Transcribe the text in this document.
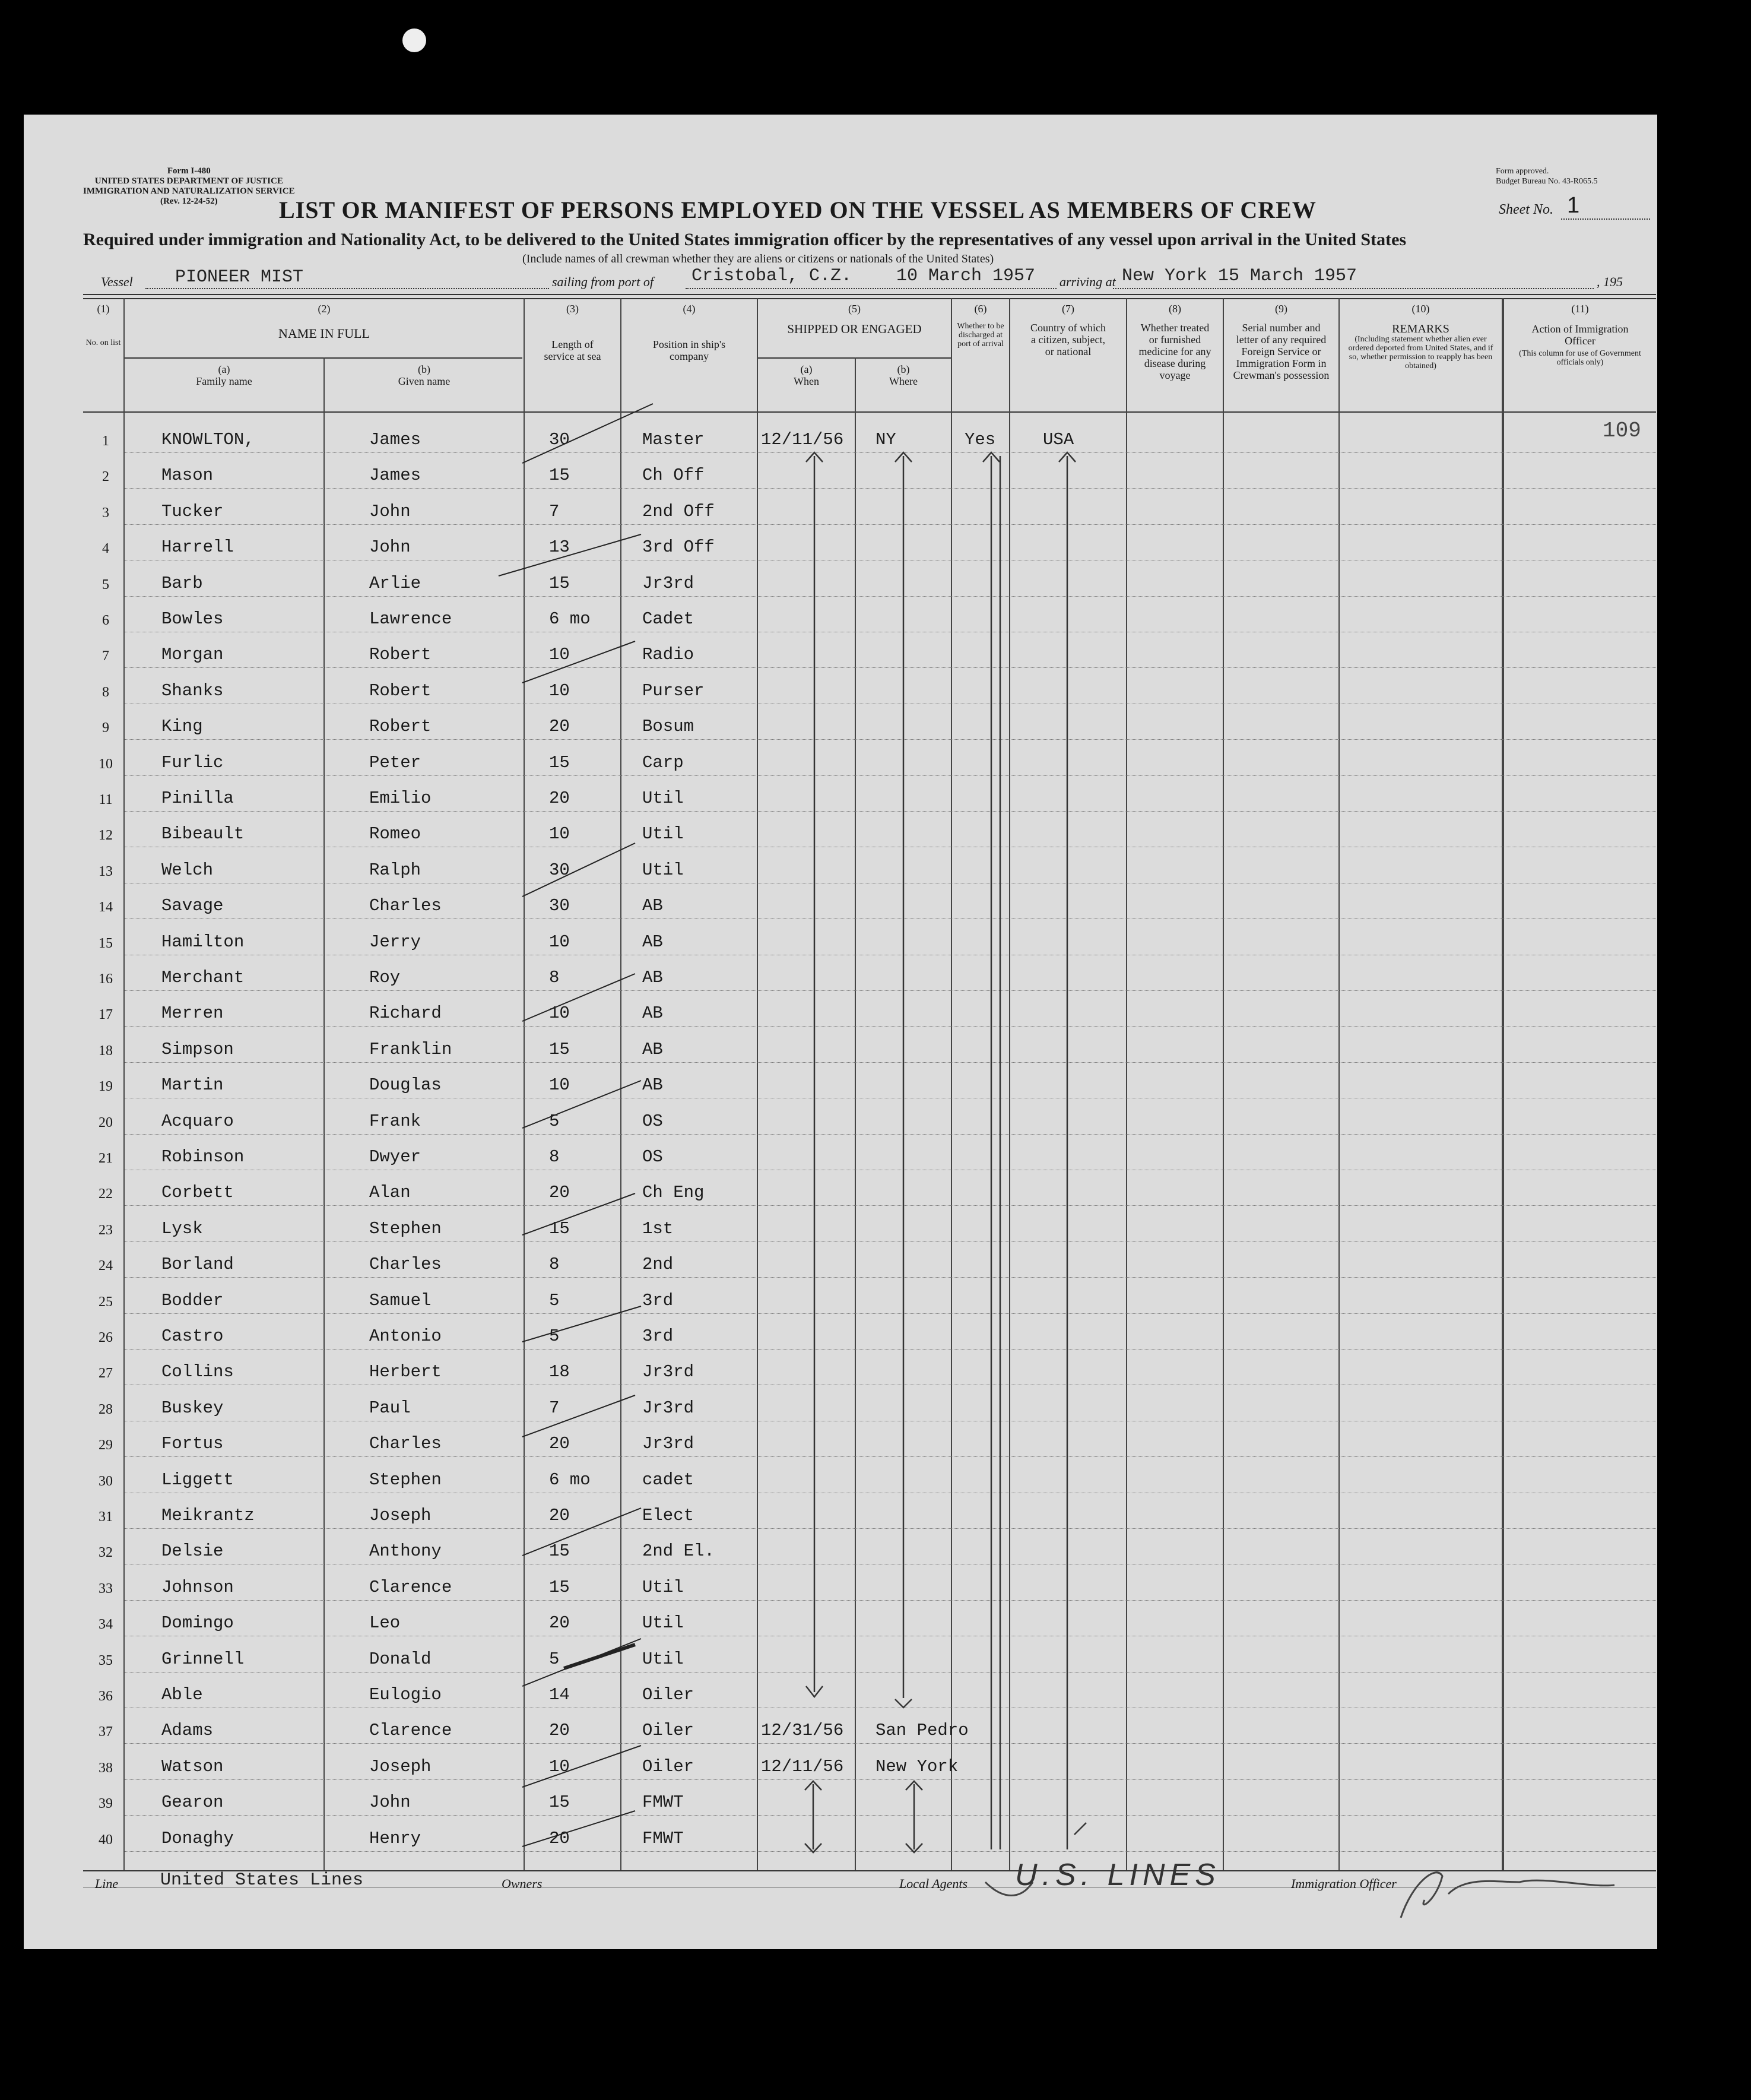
Form I-480
UNITED STATES DEPARTMENT OF JUSTICE
IMMIGRATION AND NATURALIZATION SERVICE
(Rev. 12-24-52)
Form approved.
Budget Bureau No. 43-R065.5
LIST OR MANIFEST OF PERSONS EMPLOYED ON THE VESSEL AS MEMBERS OF CREW	Sheet No. 1
Required under immigration and Nationality Act, to be delivered to the United States immigration officer by the representatives of any vessel upon arrival in the United States
(Include names of all crewman whether they are aliens or citizens or nationals of the United States)
Vessel PIONEER MIST	sailing from port of Cristobal, C.Z. 10 March 1957 arriving at New York 15 March 1957	, 195
(1)
No. on list
(2)
NAME IN FULL
(a)
Family name
(b)
Given name
(3)
Length of service at sea
(4)
Position in ship's company
(5)
SHIPPED OR ENGAGED
(a)
When
(b)
Where
(6)
Whether to be discharged at port of arrival
(7)
Country of which a citizen, subject, or national
(8)
Whether treated or furnished medicine for any disease during voyage
(9)
Serial number and letter of any required Foreign Service or Immigration Form in Crewman's possession
(10)
REMARKS
(Including statement whether alien ever ordered deported from United States, and if so, whether permission to reapply has been obtained)
(11)
Action of Immigration Officer
(This column for use of Government officials only)
109
1	KNOWLTON,	James	30	Master	12/11/56 NY	Yes	USA
2	Mason	James	15	Ch Off
3	Tucker	John	7	2nd Off
4	Harrell	John	13	3rd Off
5	Barb	Arlie	15	Jr3rd
6	Bowles	Lawrence	6 mo	Cadet
7	Morgan	Robert	10	Radio
8	Shanks	Robert	10	Purser
9	King	Robert	20	Bosum
10	Furlic	Peter	15	Carp
11	Pinilla	Emilio	20	Util
12	Bibeault	Romeo	10	Util
13	Welch	Ralph	30	Util
14	Savage	Charles	30	AB
15	Hamilton	Jerry	10	AB
16	Merchant	Roy	8	AB
17	Merren	Richard	10	AB
18	Simpson	Franklin	15	AB
19	Martin	Douglas	10	AB
20	Acquaro	Frank	5	OS
21	Robinson	Dwyer	8	OS
22	Corbett	Alan	20	Ch Eng
23	Lysk	Stephen	15	1st
24	Borland	Charles	8	2nd
25	Bodder	Samuel	5	3rd
26	Castro	Antonio	5	3rd
27	Collins	Herbert	18	Jr3rd
28	Buskey	Paul	7	Jr3rd
29	Fortus	Charles	20	Jr3rd
30	Liggett	Stephen	6 mo	cadet
31	Meikrantz	Joseph	20	Elect
32	Delsie	Anthony	15	2nd El.
33	Johnson	Clarence	15	Util
34	Domingo	Leo	20	Util
35	Grinnell	Donald	5	Util
36	Able	Eulogio	14	Oiler
37	Adams	Clarence	20	Oiler	12/31/56 San Pedro
38	Watson	Joseph	10	Oiler	12/11/56 New York
39	Gearon	John	15	FMWT
40	Donaghy	Henry	20	FMWT
Line United States Lines	Owners	Local Agents U.S. LINES	Immigration Officer
